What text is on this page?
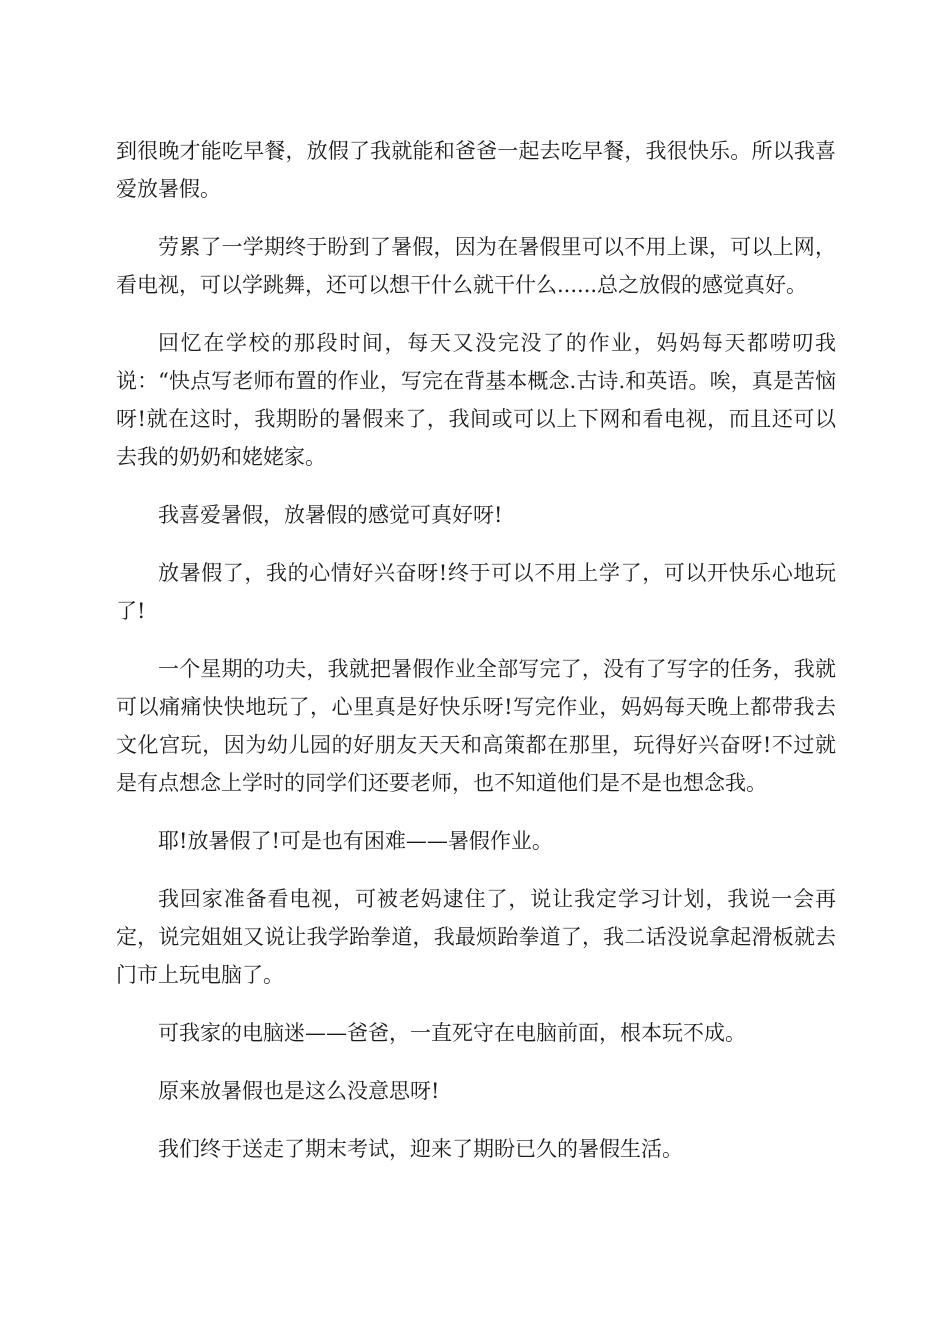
到很晚才能吃早餐，放假了我就能和爸爸一起去吃早餐，我很快乐。所以我喜爱放暑假。

劳累了一学期终于盼到了暑假，因为在暑假里可以不用上课，可以上网，看电视，可以学跳舞，还可以想干什么就干什么......总之放假的感觉真好。

回忆在学校的那段时间，每天又没完没了的作业，妈妈每天都唠叨我说：“快点写老师布置的作业，写完在背基本概念.古诗.和英语。唉，真是苦恼呀!就在这时，我期盼的暑假来了，我间或可以上下网和看电视，而且还可以去我的奶奶和姥姥家。

我喜爱暑假，放暑假的感觉可真好呀!

放暑假了，我的心情好兴奋呀!终于可以不用上学了，可以开快乐心地玩了!

一个星期的功夫，我就把暑假作业全部写完了，没有了写字的任务，我就可以痛痛快快地玩了，心里真是好快乐呀!写完作业，妈妈每天晚上都带我去文化宫玩，因为幼儿园的好朋友天天和高策都在那里，玩得好兴奋呀!不过就是有点想念上学时的同学们还要老师，也不知道他们是不是也想念我。

耶!放暑假了!可是也有困难——暑假作业。

我回家准备看电视，可被老妈逮住了，说让我定学习计划，我说一会再定，说完姐姐又说让我学跆拳道，我最烦跆拳道了，我二话没说拿起滑板就去门市上玩电脑了。

可我家的电脑迷——爸爸，一直死守在电脑前面，根本玩不成。

原来放暑假也是这么没意思呀!

我们终于送走了期末考试，迎来了期盼已久的暑假生活。
